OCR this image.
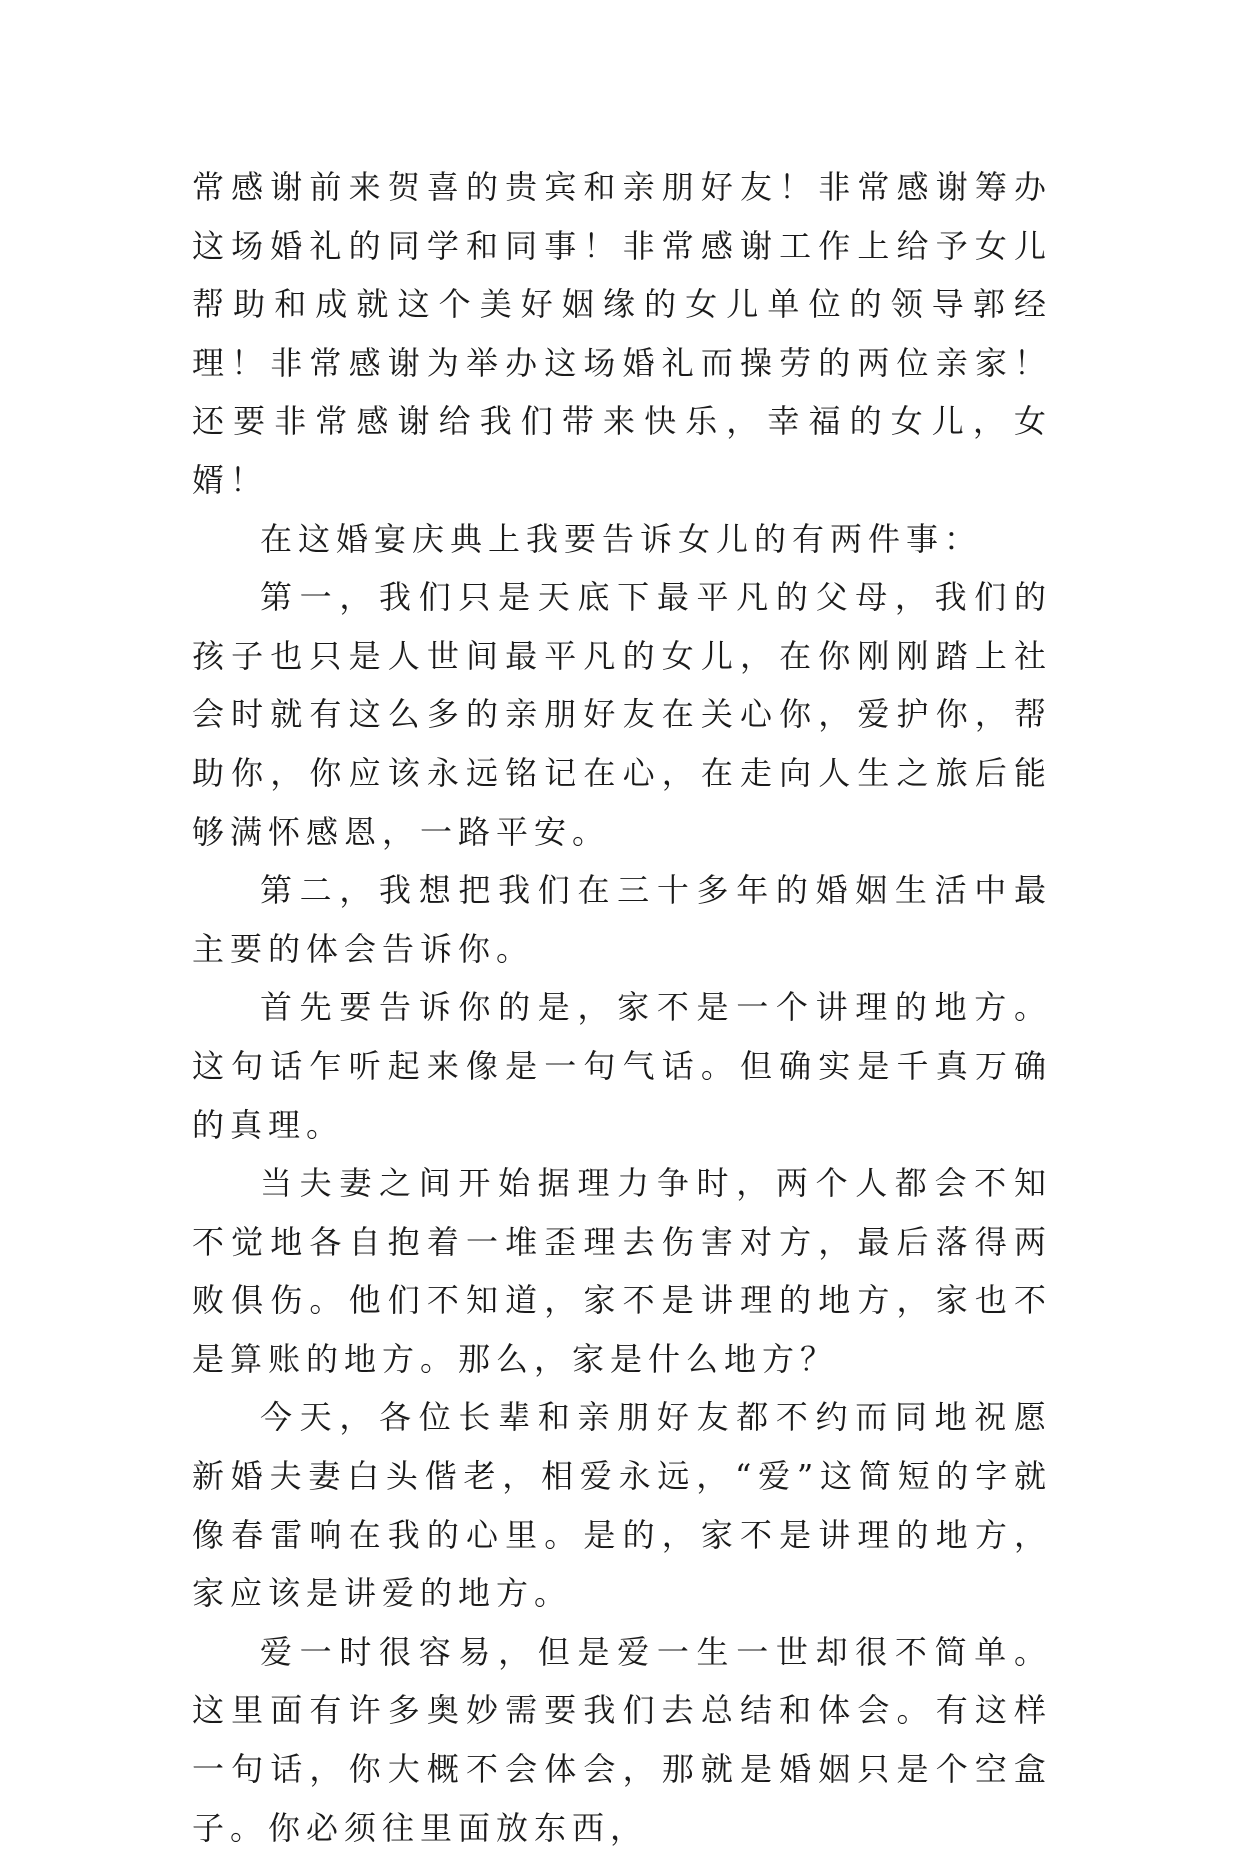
常感谢前来贺喜的贵宾和亲朋好友！非常感谢筹办这场婚礼的同学和同事！非常感谢工作上给予女儿帮助和成就这个美好姻缘的女儿单位的领导郭经理！非常感谢为举办这场婚礼而操劳的两位亲家！还要非常感谢给我们带来快乐，幸福的女儿，女婿！

在这婚宴庆典上我要告诉女儿的有两件事：

第一，我们只是天底下最平凡的父母，我们的孩子也只是人世间最平凡的女儿，在你刚刚踏上社会时就有这么多的亲朋好友在关心你，爱护你，帮助你，你应该永远铭记在心，在走向人生之旅后能够满怀感恩，一路平安。

第二，我想把我们在三十多年的婚姻生活中最主要的体会告诉你。

首先要告诉你的是，家不是一个讲理的地方。这句话乍听起来像是一句气话。但确实是千真万确的真理。

当夫妻之间开始据理力争时，两个人都会不知不觉地各自抱着一堆歪理去伤害对方，最后落得两败俱伤。他们不知道，家不是讲理的地方，家也不是算账的地方。那么，家是什么地方？

今天，各位长辈和亲朋好友都不约而同地祝愿新婚夫妻白头偕老，相爱永远，“爱”这简短的字就像春雷响在我的心里。是的，家不是讲理的地方，家应该是讲爱的地方。

爱一时很容易，但是爱一生一世却很不简单。这里面有许多奥妙需要我们去总结和体会。有这样一句话，你大概不会体会，那就是婚姻只是个空盒子。你必须往里面放东西，
